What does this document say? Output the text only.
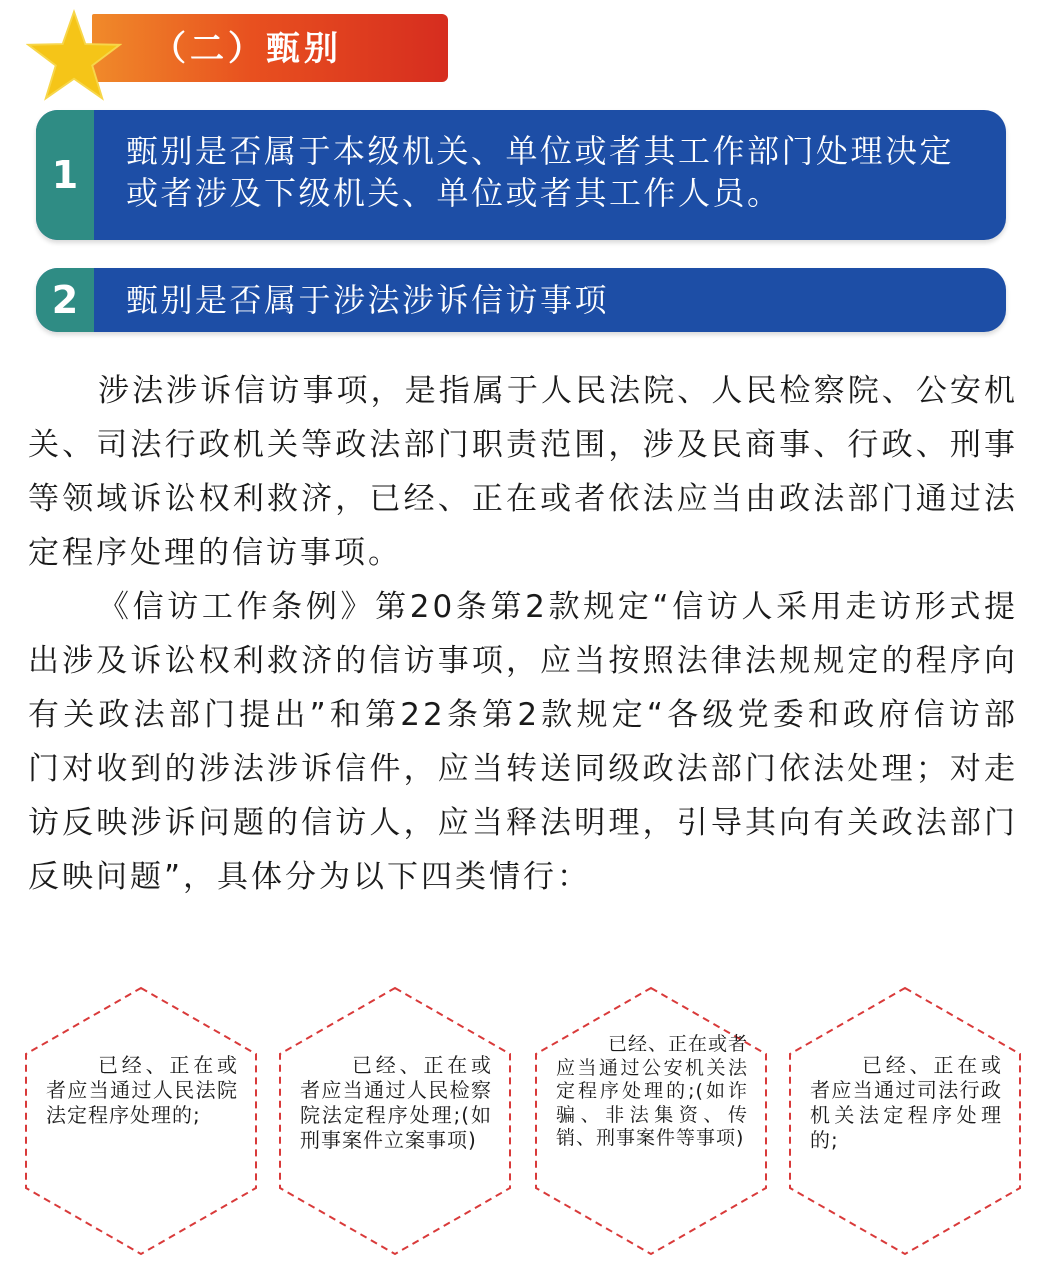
（二）甄别
1
甄别是否属于本级机关、单位或者其工作部门处理决定或者涉及下级机关、单位或者其工作人员。
2	甄别是否属于涉法涉诉信访事项

涉法涉诉信访事项，是指属于人民法院、人民检察院、公安机关、司法行政机关等政法部门职责范围，涉及民商事、行政、刑事等领域诉讼权利救济，已经、正在或者依法应当由政法部门通过法定程序处理的信访事项。

《信访工作条例》第20条第2款规定“信访人采用走访形式提出涉及诉讼权利救济的信访事项，应当按照法律法规规定的程序向有关政法部门提出”和第22条第2款规定“各级党委和政府信访部门对收到的涉法涉诉信件，应当转送同级政法部门依法处理；对走访反映涉诉问题的信访人，应当释法明理，引导其向有关政法部门反映问题”，具体分为以下四类情行：

已经、正在或者应当通过人民法院法定程序处理的;
已经、正在或者应当通过人民检察院法定程序处理;(如刑事案件立案事项)
已经、正在或者应当通过公安机关法定程序处理的;(如诈骗、非法集资、传销、刑事案件等事项)
已经、正在或者应当通过司法行政机关法定程序处理的;
